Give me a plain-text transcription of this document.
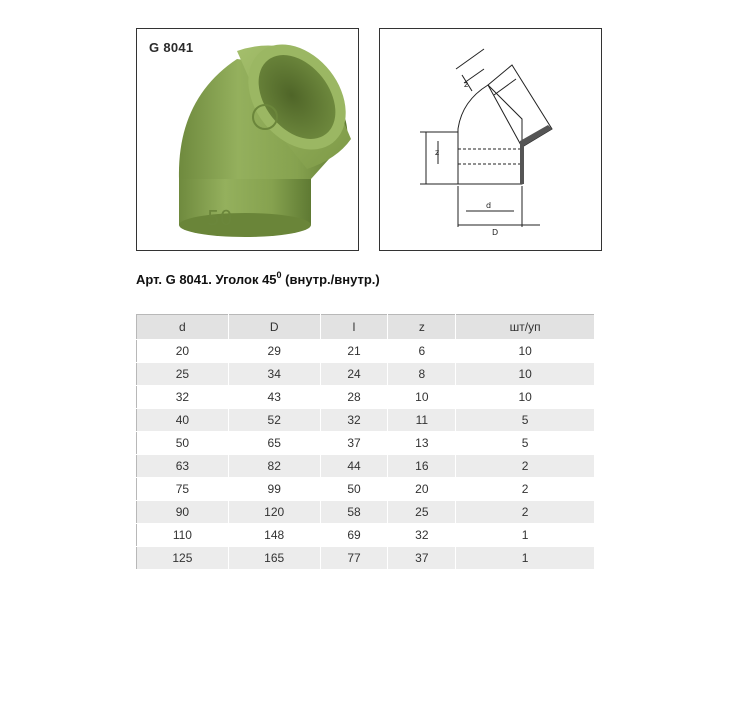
G 8041
50
z
z
d
D
Арт. G 8041. Уголок $45^0$ (внутр./внутр.)
d	D	l	z	шт/уп
20	29	21	6	10
25	34	24	8	10
32	43	28	10	10
40	52	32	11	5
50	65	37	13	5
63	82	44	16	2
75	99	50	20	2
90	120	58	25	2
110	148	69	32	1
125	165	77	37	1
